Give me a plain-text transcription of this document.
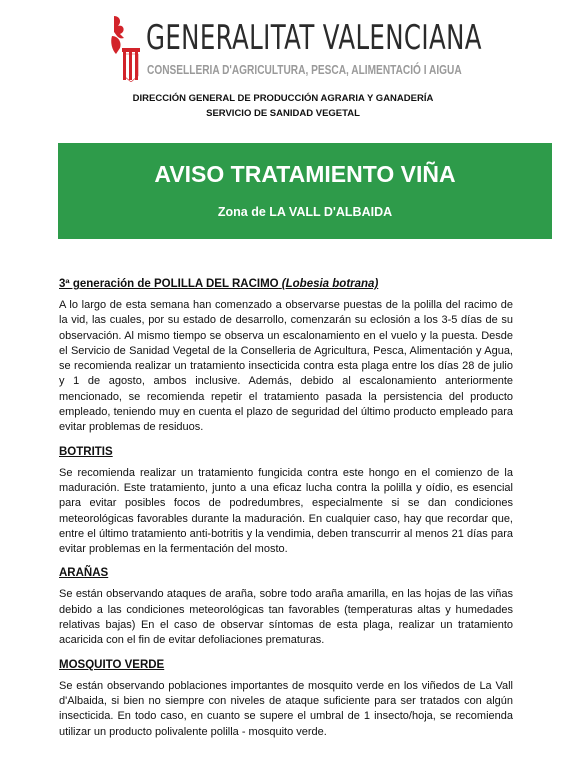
GENERALITAT VALENCIANA
CONSELLERIA D'AGRICULTURA, PESCA, ALIMENTACIÓ I AIGUA
DIRECCIÓN GENERAL DE PRODUCCIÓN AGRARIA Y GANADERÍA
SERVICIO DE SANIDAD VEGETAL
AVISO TRATAMIENTO VIÑA
Zona de LA VALL D'ALBAIDA

3ª generación de POLILLA DEL RACIMO (Lobesia botrana)

A lo largo de esta semana han comenzado a observarse puestas de la polilla del racimo de la vid, las cuales, por su estado de desarrollo, comenzarán su eclosión a los 3-5 días de su observación. Al mismo tiempo se observa un escalonamiento en el vuelo y la puesta. Desde el Servicio de Sanidad Vegetal de la Conselleria de Agricultura, Pesca, Alimentación y Agua, se recomienda realizar un tratamiento insecticida contra esta plaga entre los días 28 de julio y 1 de agosto, ambos inclusive. Además, debido al escalonamiento anteriormente mencionado, se recomienda repetir el tratamiento pasada la persistencia del producto empleado, teniendo muy en cuenta el plazo de seguridad del último producto empleado para evitar problemas de residuos.

BOTRITIS

Se recomienda realizar un tratamiento fungicida contra este hongo en el comienzo de la maduración. Este tratamiento, junto a una eficaz lucha contra la polilla y oídio, es esencial para evitar posibles focos de podredumbres, especialmente si se dan condiciones meteorológicas favorables durante la maduración. En cualquier caso, hay que recordar que, entre el último tratamiento anti-botritis y la vendimia, deben transcurrir al menos 21 días para evitar problemas en la fermentación del mosto.

ARAÑAS

Se están observando ataques de araña, sobre todo araña amarilla, en las hojas de las viñas debido a las condiciones meteorológicas tan favorables (temperaturas altas y humedades relativas bajas) En el caso de observar síntomas de esta plaga, realizar un tratamiento acaricida con el fin de evitar defoliaciones prematuras.

MOSQUITO VERDE

Se están observando poblaciones importantes de mosquito verde en los viñedos de La Vall d'Albaida, si bien no siempre con niveles de ataque suficiente para ser tratados con algún insecticida. En todo caso, en cuanto se supere el umbral de 1 insecto/hoja, se recomienda utilizar un producto polivalente polilla - mosquito verde.
